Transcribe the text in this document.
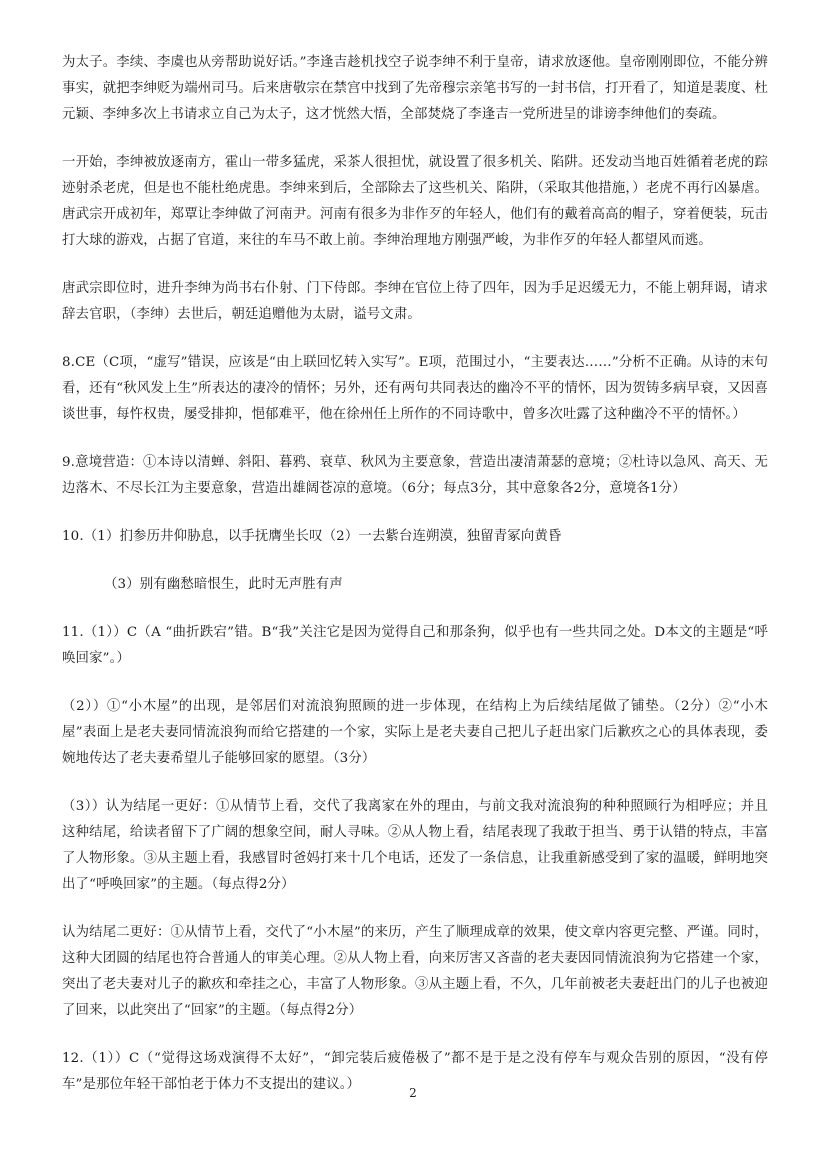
为太子。李续、李虞也从旁帮助说好话。”李逢吉趁机找空子说李绅不利于皇帝，请求放逐他。皇帝刚刚即位，不能分辨事实，就把李绅贬为端州司马。后来唐敬宗在禁宫中找到了先帝穆宗亲笔书写的一封书信，打开看了，知道是裴度、杜元颖、李绅多次上书请求立自己为太子，这才恍然大悟，全部焚烧了李逢吉一党所进呈的诽谤李绅他们的奏疏。

一开始，李绅被放逐南方，霍山一带多猛虎，采茶人很担忧，就设置了很多机关、陷阱。还发动当地百姓循着老虎的踪迹射杀老虎，但是也不能杜绝虎患。李绅来到后，全部除去了这些机关、陷阱，（采取其他措施，）老虎不再行凶暴虐。唐武宗开成初年，郑覃让李绅做了河南尹。河南有很多为非作歹的年轻人，他们有的戴着高高的帽子，穿着便装，玩击打大球的游戏，占据了官道，来往的车马不敢上前。李绅治理地方刚强严峻，为非作歹的年轻人都望风而逃。

唐武宗即位时，进升李绅为尚书右仆射、门下侍郎。李绅在官位上待了四年，因为手足迟缓无力，不能上朝拜谒，请求辞去官职，（李绅）去世后，朝廷追赠他为太尉，谥号文肃。

8.CE（C项，“虚写”错误，应该是“由上联回忆转入实写”。E项，范围过小，“主要表达……”分析不正确。从诗的末句看，还有“秋风发上生”所表达的凄冷的情怀；另外，还有两句共同表达的幽冷不平的情怀，因为贺铸多病早衰，又因喜谈世事，每忤权贵，屡受排抑，悒郁难平，他在徐州任上所作的不同诗歌中，曾多次吐露了这种幽冷不平的情怀。）

9.意境营造：①本诗以清蝉、斜阳、暮鸦、衰草、秋风为主要意象，营造出凄清萧瑟的意境；②杜诗以急风、高天、无边落木、不尽长江为主要意象，营造出雄阔苍凉的意境。（6分；每点3分，其中意象各2分，意境各1分）

10.（1）扪参历井仰胁息，以手抚膺坐长叹（2）一去紫台连朔漠，独留青冢向黄昏

（3）别有幽愁暗恨生，此时无声胜有声

11.（1））C（A “曲折跌宕”错。B“我”关注它是因为觉得自己和那条狗，似乎也有一些共同之处。D本文的主题是“呼唤回家”。）

（2））①“小木屋”的出现，是邻居们对流浪狗照顾的进一步体现，在结构上为后续结尾做了铺垫。（2分）②“小木屋”表面上是老夫妻同情流浪狗而给它搭建的一个家，实际上是老夫妻自己把儿子赶出家门后歉疚之心的具体表现，委婉地传达了老夫妻希望儿子能够回家的愿望。（3分）

（3））认为结尾一更好：①从情节上看，交代了我离家在外的理由，与前文我对流浪狗的种种照顾行为相呼应；并且这种结尾，给读者留下了广阔的想象空间，耐人寻味。②从人物上看，结尾表现了我敢于担当、勇于认错的特点，丰富了人物形象。③从主题上看，我感冒时爸妈打来十几个电话，还发了一条信息，让我重新感受到了家的温暖，鲜明地突出了“呼唤回家”的主题。（每点得2分）

认为结尾二更好：①从情节上看，交代了“小木屋”的来历，产生了顺理成章的效果，使文章内容更完整、严谨。同时，这种大团圆的结尾也符合普通人的审美心理。②从人物上看，向来厉害又吝啬的老夫妻因同情流浪狗为它搭建一个家，突出了老夫妻对儿子的歉疚和牵挂之心，丰富了人物形象。③从主题上看，不久，几年前被老夫妻赶出门的儿子也被迎了回来，以此突出了“回家”的主题。（每点得2分）

12.（1））C（“觉得这场戏演得不太好”，“卸完装后疲倦极了”都不是于是之没有停车与观众告别的原因，“没有停车”是那位年轻干部怕老于体力不支提出的建议。）

2
